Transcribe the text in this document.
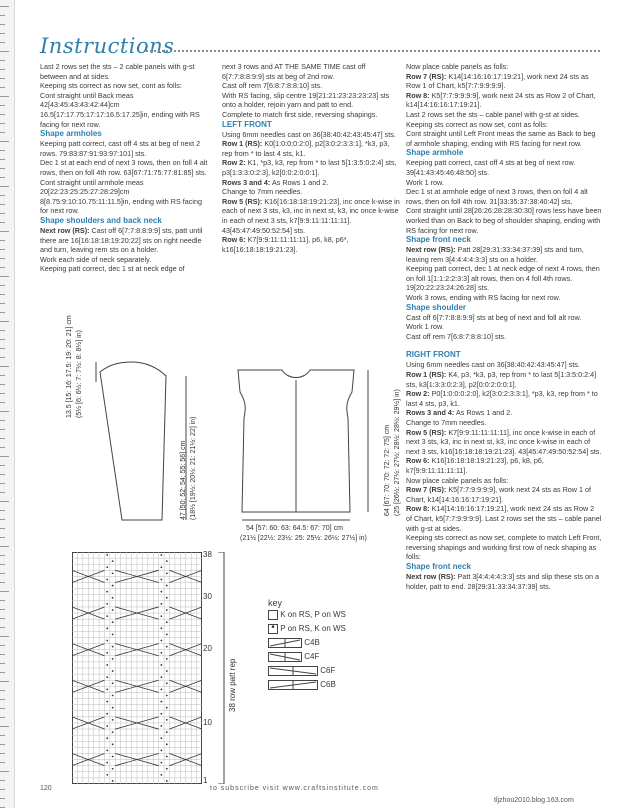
Instructions

Last 2 rows set the sts – 2 cable panels with g-st between and at sides.

Keeping sts correct as now set, cont as folls:

Cont straight until Back meas 42[43:45:43:43:42:44]cm 16.5[17:17.75:17:17:16.5:17.25]in, ending with RS facing for next row.

Shape armholes

Keeping patt correct, cast off 4 sts at beg of next 2 rows. 79:83:87:91:93:97:101] sts.

Dec 1 st at each end of next 3 rows, then on foll 4 alt rows, then on foll 4th row. 63[67:71:75:77:81:85] sts.

Cont straight until armhole meas 20[22:23:25:25:27:28:29]cm 8[8.75:9:10:10.75:11:11.5]in, ending with RS facing for next row.

Shape shoulders and back neck

Next row (RS): Cast off 6[7:7:8:8:9:9] sts, patt until there are 16[16:18:18:19:20:22] sts on right needle and turn, leaving rem sts on a holder.

Work each side of neck separately.

Keeping patt correct, dec 1 st at neck edge of

next 3 rows and AT THE SAME TIME cast off 6[7:7:8:8:9:9] sts at beg of 2nd row.

Cast off rem 7[6:8:7:8:8:10] sts.

With RS facing, slip centre 19[21:21:23:23:23:23] sts onto a holder, rejoin yarn and patt to end.

Complete to match first side, reversing shapings.

LEFT FRONT

Using 6mm needles cast on 36[38:40:42:43:45:47] sts.

Row 1 (RS): K0[1:0:0:0:2:0], p2[3:0:2:3:3:1], *k3, p3, rep from * to last 4 sts, k1.

Row 2: K1, *p3, k3, rep from * to last 5[1:3:5:0:2:4] sts, p3[1:3:3:0:2:3], k2[0:0:2:0:0:1].

Rows 3 and 4: As Rows 1 and 2.

Change to 7mm needles.

Row 5 (RS): K16[16:18:18:19:21:23], inc once k-wise in each of next 3 sts, k3, inc in next st, k3, inc once k-wise in each of next 3 sts, k7[9:9:11:11:11:11]. 43[45:47:49:50:52:54] sts.

Row 6: K7[9:9:11:11:11:11], p6, k8, p6*, k16[16:18:18:19:21:23].

Now place cable panels as folls:

Row 7 (RS): K14[14:16:16:17:19:21], work next 24 sts as Row 1 of Chart, k5[7:7:9:9:9:9].

Row 8: K5[7:7:9:9:9:9], work next 24 sts as Row 2 of Chart, k14[14:16:16:17:19:21].

Last 2 rows set the sts – cable panel with g-st at sides.

Keeping sts correct as now set, cont as folls:

Cont straight until Left Front meas the same as Back to beg of armhole shaping, ending with RS facing for next row.

Shape armhole

Keeping patt correct, cast off 4 sts at beg of next row. 39[41:43:45:46:48:50] sts.

Work 1 row.

Dec 1 st at armhole edge of next 3 rows, then on foll 4 alt rows, then on foll 4th row. 31[33:35:37:38:40:42] sts.

Cont straight until 28[26:26:28:28:30:30] rows less have been worked than on Back to beg of shoulder shaping, ending with RS facing for next row.

Shape front neck

Next row (RS): Patt 28[29:31:33:34:37:39] sts and turn, leaving rem 3[4:4:4:4:3:3] sts on a holder.

Keeping patt correct, dec 1 at neck edge of next 4 rows, then on foll 1[1:1:2:2:3:3] alt rows, then on 4 foll 4th rows. 19[20:22:23:24:26:28] sts.

Work 3 rows, ending with RS facing for next row.

Shape shoulder

Cast off 6[7:7:8:8:9:9] sts at beg of next and foll alt row.

Work 1 row.

Cast off rem 7[6:8:7:8:8:10] sts.

RIGHT FRONT

Using 6mm needles cast on 36[38:40:42:43:45:47] sts.

Row 1 (RS): K4, p3, *k3, p3, rep from * to last 5[1:3:5:0:2:4] sts, k3[1:3:3:0:2:3], p2[0:0:2:0:0:1].

Row 2: P0[1:0:0:0:2:0], k2[3:0:2:3:3:1], *p3, k3, rep from * to last 4 sts, p3, k1.

Rows 3 and 4: As Rows 1 and 2.

Change to 7mm needles.

Row 5 (RS): K7[9:9:11:11:11:11], inc once k-wise in each of next 3 sts, k3, inc in next st, k3, inc once k-wise in each of next 3 sts, k16[16:18:18:19:21:23]. 43[45:47:49:50:52:54] sts.

Row 6: K16[16:18:18:19:21:23], p6, k8, p6, k7[9:9:11:11:11:11].

Now place cable panels as folls:

Row 7 (RS): K5[7:7:9:9:9:9], work next 24 sts as Row 1 of Chart, k14[14:16:16:17:19:21].

Row 8: K14[14:16:16:17:19:21], work next 24 sts as Row 2 of Chart, k5[7:7:9:9:9:9]. Last 2 rows set the sts – cable panel with g-st at sides.

Keeping sts correct as now set, complete to match Left Front, reversing shapings and working first row of neck shaping as folls:

Shape front neck

Next row (RS): Patt 3[4:4:4:4:3:3] sts and slip these sts on a holder, patt to end. 28[29:31:33:34:37:39] sts.

13.5 [15: 16: 17.5: 19: 20: 21] cm (5½ [6: 6½: 7: 7½: 8: 8½] in)
47 [50: 52: 54: 55: 56] cm (18½ [19½: 20½: 21: 21½: 22] in)
54 [57: 60: 63: 64.5: 67: 70] cm
(21½ [22½: 23½: 25: 25½: 26½: 27½] in)
64 [67: 70: 70: 72: 72: 75] cm (25 [26½: 27½: 27½: 28½: 28½: 29½] in)
38
30
20
10
1
38 row patt rep
key
K on RS, P on WS
• P on RS, K on WS
C4B
C4F
C6F
C6B
120	to subscribe visit www.craftsinstitute.com
tljzhou2010.blog.163.com
